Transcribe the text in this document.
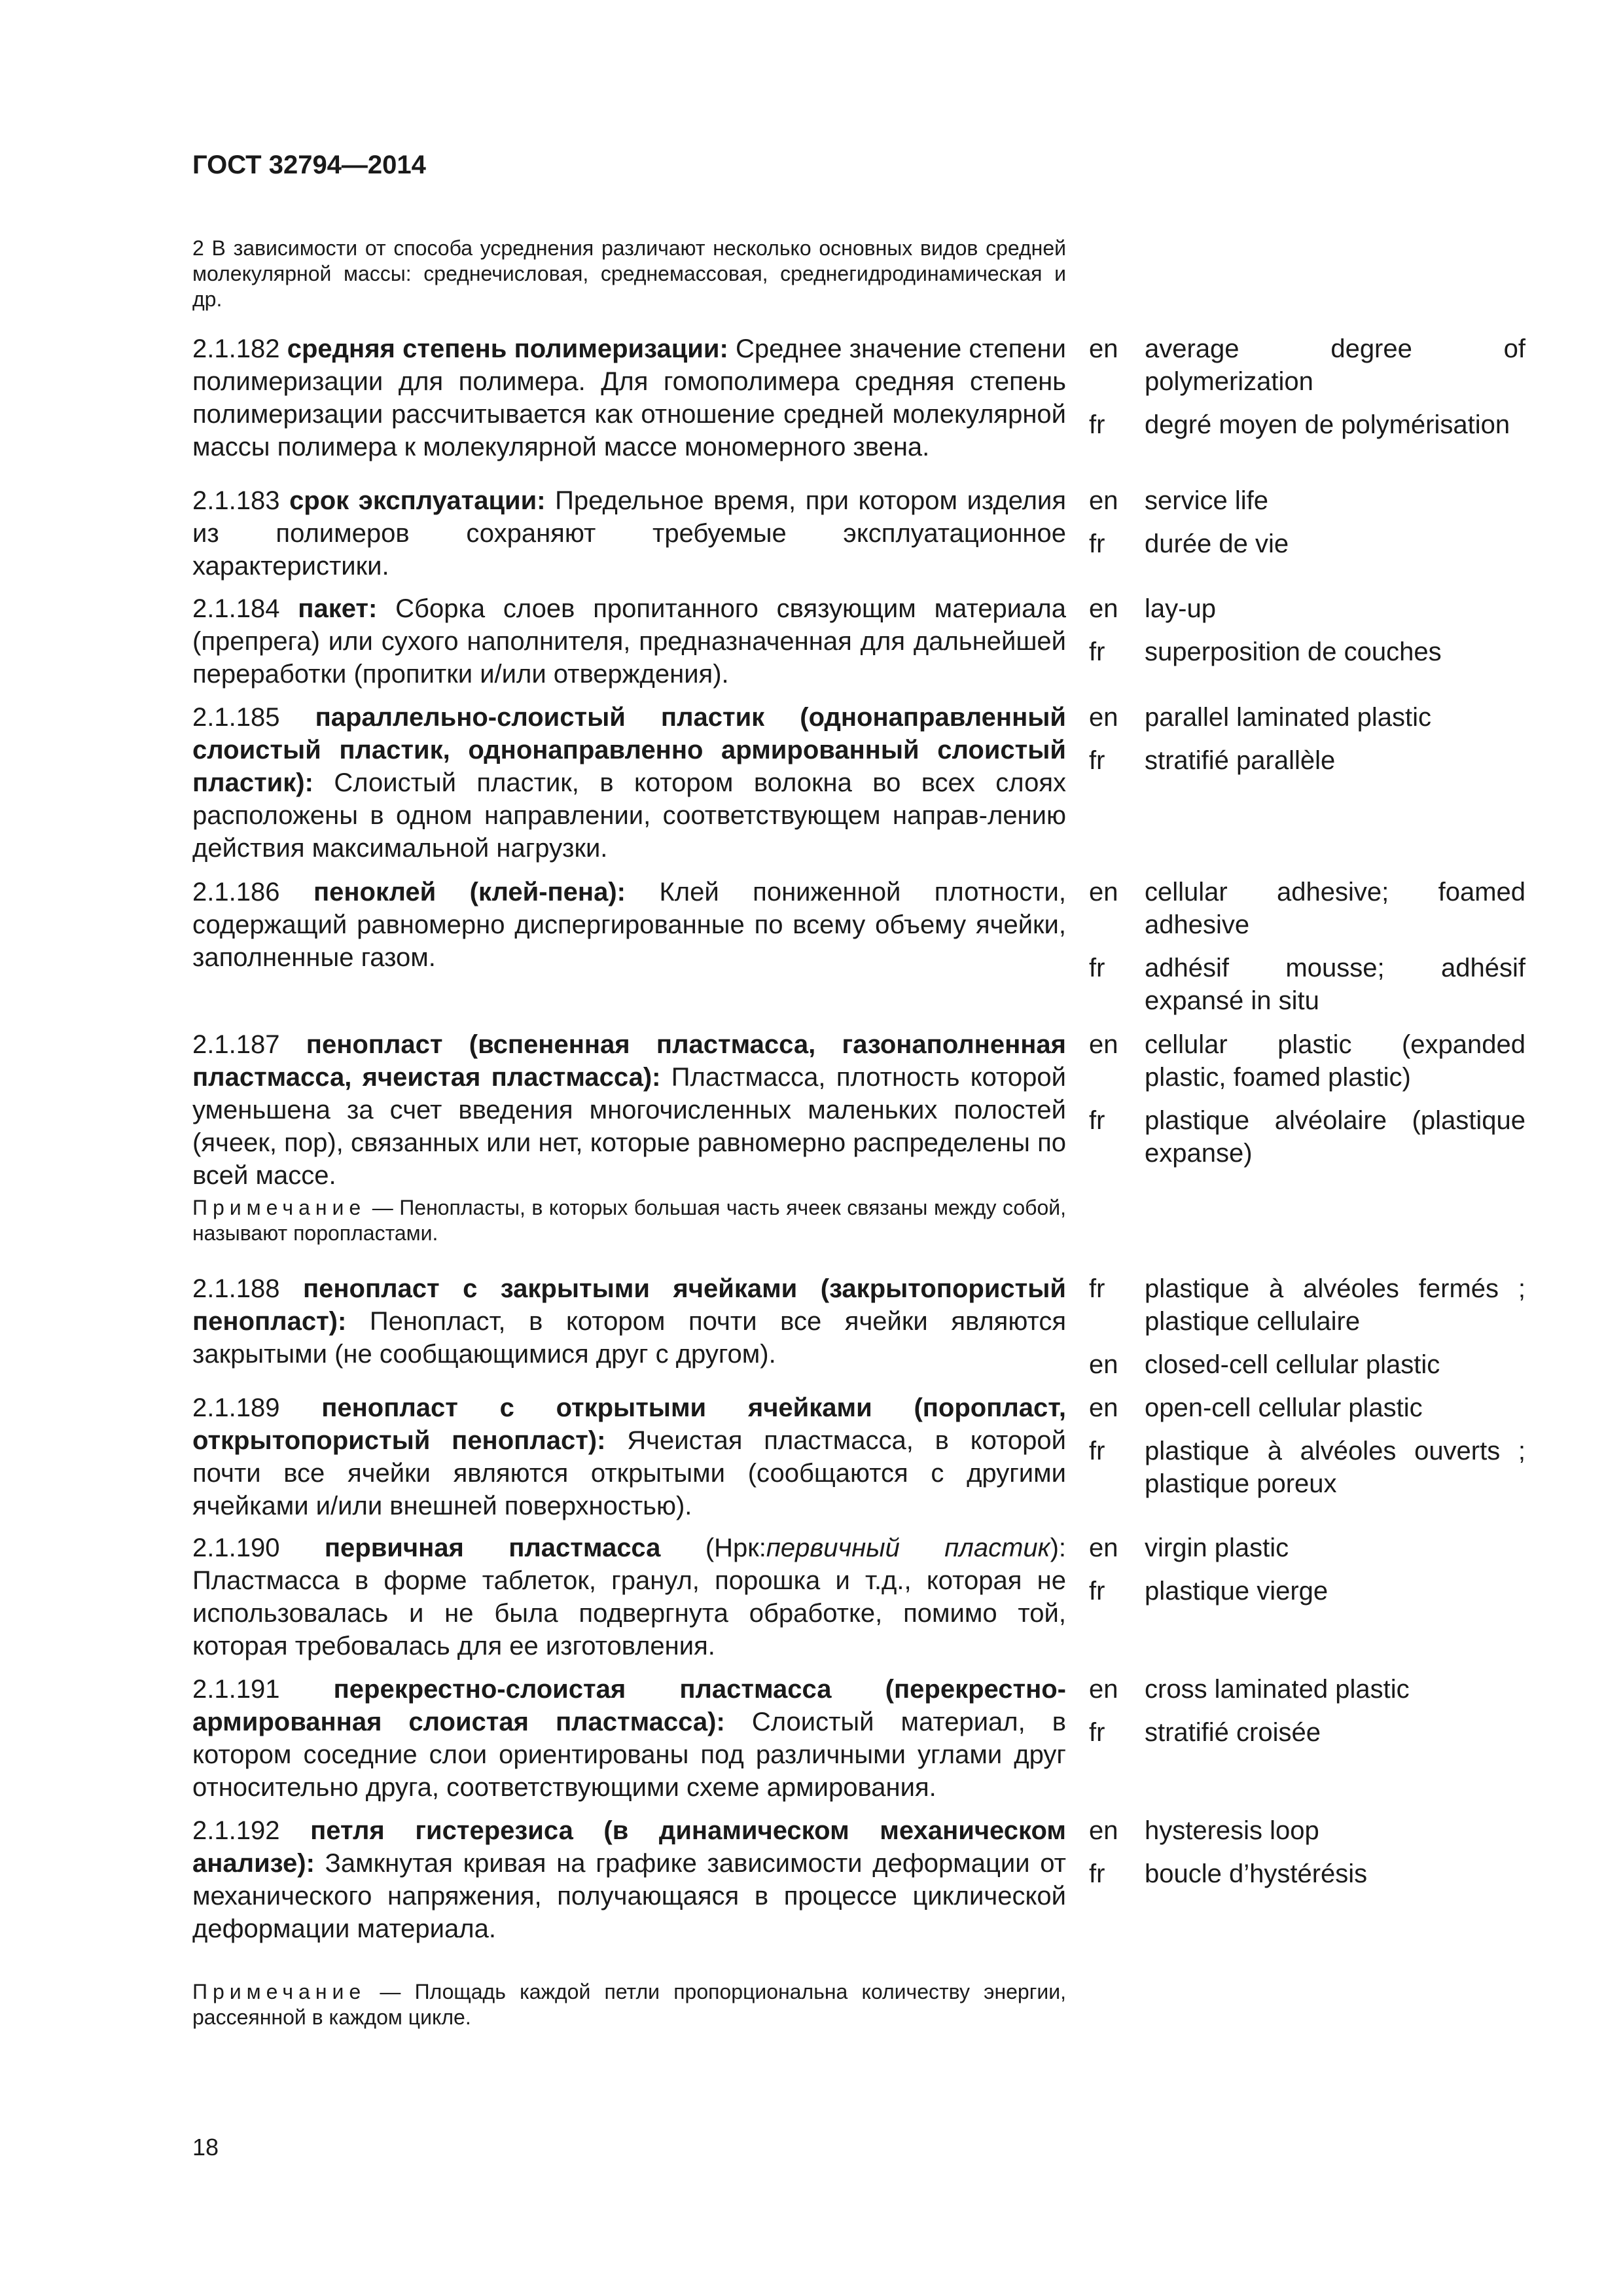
ГОСТ 32794—2014
2 В зависимости от способа усреднения различают несколько основных видов средней молекулярной массы: среднечисловая, среднемассовая, среднегидродинамическая и др.
2.1.182 средняя степень полимеризации: Среднее значение степени полимеризации для полимера. Для гомополимера средняя степень полимеризации рассчитывается как отношение средней молекулярной массы полимера к молекулярной массе мономерного звена.
en	average degree of polymerization
fr	degré moyen de polymérisation
2.1.183 срок эксплуатации: Предельное время, при котором изделия из полимеров сохраняют требуемые эксплуатационное характеристики.
en	service life
fr	durée de vie
2.1.184 пакет: Сборка слоев пропитанного связующим материала (препрега) или сухого наполнителя, предназначенная для дальнейшей переработки (пропитки и/или отверждения).
en	lay-up
fr	superposition de couches
2.1.185 параллельно-слоистый пластик (однонаправленный слоистый пластик, однонаправленно армированный слоистый пластик): Слоистый пластик, в котором волокна во всех слоях расположены в одном направлении, соответствующем направ-лению действия максимальной нагрузки.
en	parallel laminated plastic
fr	stratifié parallèle
2.1.186 пеноклей (клей-пена): Клей пониженной плотности, содержащий равномерно диспергированные по всему объему ячейки, заполненные газом.
en	cellular adhesive; foamed adhesive
fr	adhésif mousse; adhésif expansé in situ
2.1.187 пенопласт (вспененная пластмасса, газонаполненная пластмасса, ячеистая пластмасса): Пластмасса, плотность которой уменьшена за счет введения многочисленных маленьких полостей (ячеек, пор), связанных или нет, которые равномерно распределены по всей массе.
en	cellular plastic (expanded plastic, foamed plastic)
fr	plastique alvéolaire (plastique expanse)
Примечание — Пенопласты, в которых большая часть ячеек связаны между собой, называют поропластами.
2.1.188 пенопласт с закрытыми ячейками (закрытопористый пенопласт): Пенопласт, в котором почти все ячейки являются закрытыми (не сообщающимися друг с другом).
fr	plastique à alvéoles fermés ; plastique cellulaire
en	closed-cell cellular plastic
2.1.189 пенопласт с открытыми ячейками (поропласт, открытопористый пенопласт): Ячеистая пластмасса, в которой почти все ячейки являются открытыми (сообщаются с другими ячейками и/или внешней поверхностью).
en	open-cell cellular plastic
fr	plastique à alvéoles ouverts ; plastique poreux
2.1.190 первичная пластмасса (Нрк:первичный пластик): Пластмасса в форме таблеток, гранул, порошка и т.д., которая не использовалась и не была подвергнута обработке, помимо той, которая требовалась для ее изготовления.
en	virgin plastic
fr	plastique vierge
2.1.191 перекрестно-слоистая пластмасса (перекрестно-армированная слоистая пластмасса): Слоистый материал, в котором соседние слои ориентированы под различными углами друг относительно друга, соответствующими схеме армирования.
en	cross laminated plastic
fr	stratifié croisée
2.1.192 петля гистерезиса (в динамическом механическом анализе): Замкнутая кривая на графике зависимости деформации от механического напряжения, получающаяся в процессе циклической деформации материала.
en	hysteresis loop
fr	boucle d’hystérésis
Примечание — Площадь каждой петли пропорциональна количеству энергии, рассеянной в каждом цикле.
18
